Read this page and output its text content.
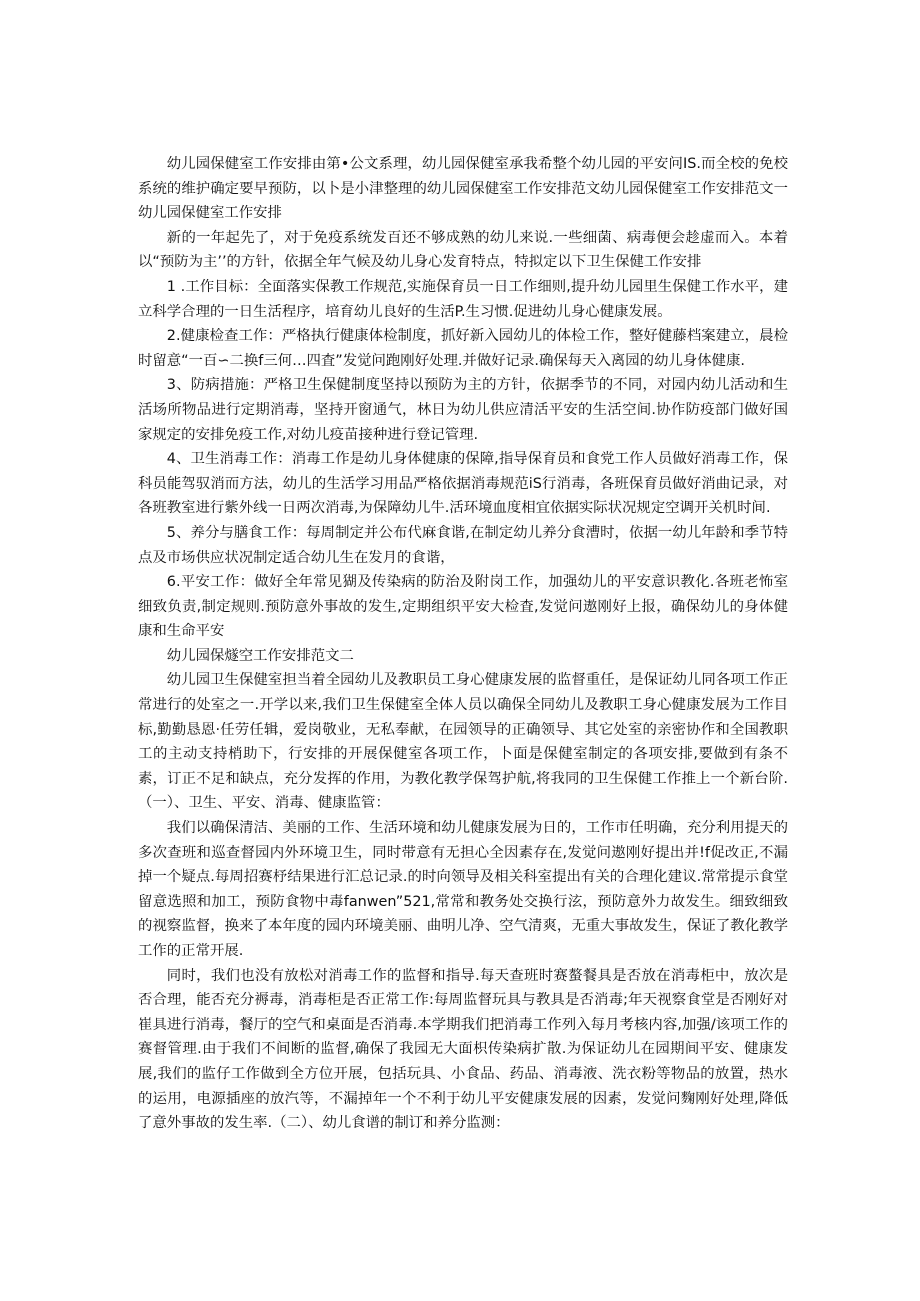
幼儿园保健室工作安排由第•公文系理，幼儿园保健室承我希整个幼儿园的平安问IS.而全校的免校系统的维护确定要早预防，以卜是小津整理的幼儿园保健室工作安排范文幼儿园保健室工作安排范文一幼儿园保健室工作安排

新的一年起先了，对于免疫系统发百还不够成熟的幼儿来说.一些细菌、病毒便会趁虚而入。本着以“预防为主’’的方针，依据全年气候及幼儿身心发育特点，特拟定以下卫生保健工作安排

1 .工作目标：全面落实保教工作规范,实施保育员一日工作细则,提升幼儿园里生保健工作水平，建立科学合理的一日生活程序，培育幼儿良好的生活P.生习惯.促进幼儿身心健康发展。

2.健康检查工作：严格执行健康体检制度，抓好新入园幼儿的体检工作，整好健藤档案建立，晨检时留意“一百∽二换f三何…四査”发觉问跑刚好处理.并做好记录.确保每天入离园的幼儿身体健康.

3、防病措施：严格卫生保健制度坚持以预防为主的方针，依据季节的不同，对园内幼儿活动和生活场所物品进行定期消毒，坚持开窗通气，林日为幼儿供应清活平安的生活空间.协作防疫部门做好国家规定的安排免疫工作,对幼儿疫苗接种进行登记管理.

4、卫生消毒工作：消毒工作是幼儿身体健康的保障,指导保育员和食党工作人员做好消毒工作，保科员能驾驭消而方法，幼儿的生活学习用品严格依据消毒规范iS行消毒，各班保育员做好消曲记录，对各班教室进行紫外线一日两次消毒,为保障幼儿牛.活环境血度相宜依据实际状况规定空调开关机时间.

5、养分与膳食工作：每周制定并公布代麻食谐,在制定幼儿养分食漕时，依据一幼儿年龄和季节特点及市场供应状况制定适合幼儿生在发月的食谐，

6.平安工作：做好全年常见猢及传染病的防治及附岗工作，加强幼儿的平安意识教化.各班老怖室细致负责,制定规则.预防意外事故的发生,定期组织平安大检査,发觉问遨刚好上报，确保幼儿的身体健康和生命平安

幼儿园保燧空工作安排范文二

幼儿园卫生保健室担当着全园幼儿及教职员工身心健康发展的监督重任，是保证幼儿同各项工作正常进行的处室之一.开学以来,我们卫生保健室全体人员以确保全同幼儿及教职工身心健康发展为工作目标,勤勤恳恩·任劳任辑，爱岗敬业，无私奉献，在园领导的正确领导、其它处室的亲密协作和全国教职工的主动支持梢助下，行安排的开展保健室各项工作，卜面是保健室制定的各项安排,要做到有条不素，订正不足和缺点，充分发挥的作用，为教化教学保驾护航,将我同的卫生保健工作推上一个新台阶.（一）、卫生、平安、消毒、健康监管：

我们以确保清洁、美丽的工作、生活环境和幼儿健康发展为日的，工作市任明确，充分利用提天的多次查班和巡查督园内外环境卫生，同时带意有无担心全因素存在,发觉问遨刚好提出并!f促改正,不漏掉一个疑点.每周招赛杼结果进行汇总记录.的时向领导及相关科室提出有关的合理化建议.常常提示食堂留意选照和加工，预防食物中毒fanwen”521,常常和教务处交换行泫，预防意外力故发生。细致细致的视察监督，换来了本年度的园内环境美丽、曲明儿净、空气清爽，无重大事故发生，保证了教化教学工作的正常开展.

同时，我们也没有放松对消毒工作的监督和指导.每天查班时赛螯餐具是否放在消毒柜中，放次是否合理，能否充分褥毒，消毒柜是否正常工作:每周监督玩具与教具是否消毒;年天视察食堂是否刚好对崔具进行消毒，餐厅的空气和桌面是否消毒.本学期我们把消毒工作列入每月考核内容,加强/该项工作的赛督管理.由于我们不间断的监督,确保了我园无大面枳传染病扩散.为保证幼儿在园期间平安、健康发展,我们的监仔工作做到全方位开展，包括玩具、小食品、药品、消毒液、洗衣粉等物品的放置，热水的运用，电源插座的放汽等，不漏掉年一个不利于幼儿平安健康发展的因素，发觉问麴刚好处理,降低了意外事故的发生率.（二）、幼儿食谱的制订和养分监测：
